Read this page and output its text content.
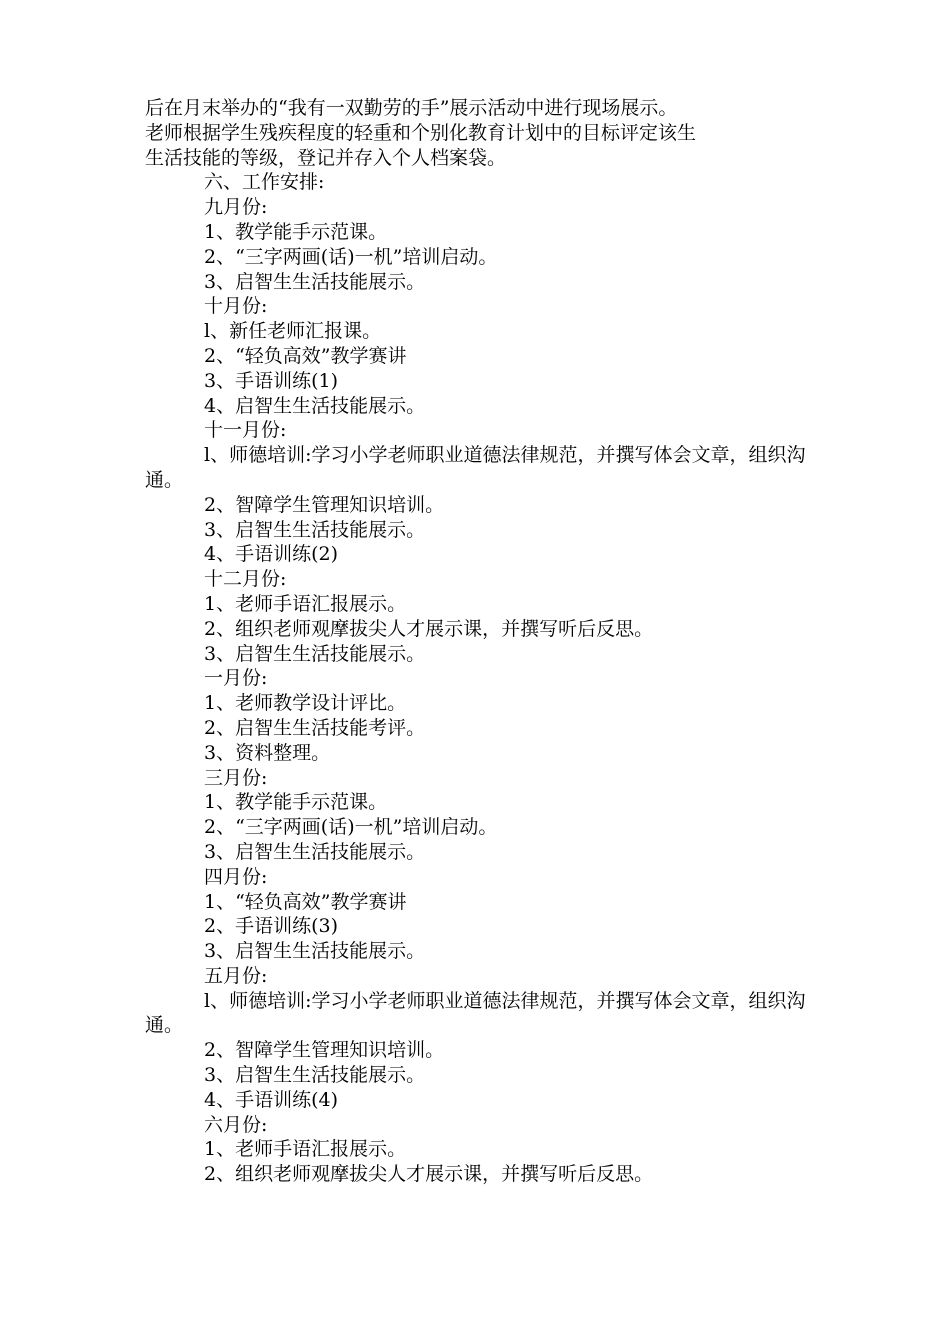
后在月末举办的“我有一双勤劳的手”展示活动中进行现场展示。
老师根据学生残疾程度的轻重和个别化教育计划中的目标评定该生
生活技能的等级，登记并存入个人档案袋。
六、工作安排:
九月份:
1、教学能手示范课。
2、“三字两画(话)一机”培训启动。
3、启智生生活技能展示。
十月份:
l、新任老师汇报课。
2、“轻负高效”教学赛讲
3、手语训练(1)
4、启智生生活技能展示。
十一月份:
l、师德培训:学习小学老师职业道德法律规范，并撰写体会文章，组织沟通。
2、智障学生管理知识培训。
3、启智生生活技能展示。
4、手语训练(2)
十二月份:
1、老师手语汇报展示。
2、组织老师观摩拔尖人才展示课，并撰写听后反思。
3、启智生生活技能展示。
一月份:
1、老师教学设计评比。
2、启智生生活技能考评。
3、资料整理。
三月份:
1、教学能手示范课。
2、“三字两画(话)一机”培训启动。
3、启智生生活技能展示。
四月份:
1、“轻负高效”教学赛讲
2、手语训练(3)
3、启智生生活技能展示。
五月份:
l、师德培训:学习小学老师职业道德法律规范，并撰写体会文章，组织沟通。
2、智障学生管理知识培训。
3、启智生生活技能展示。
4、手语训练(4)
六月份:
1、老师手语汇报展示。
2、组织老师观摩拔尖人才展示课，并撰写听后反思。
